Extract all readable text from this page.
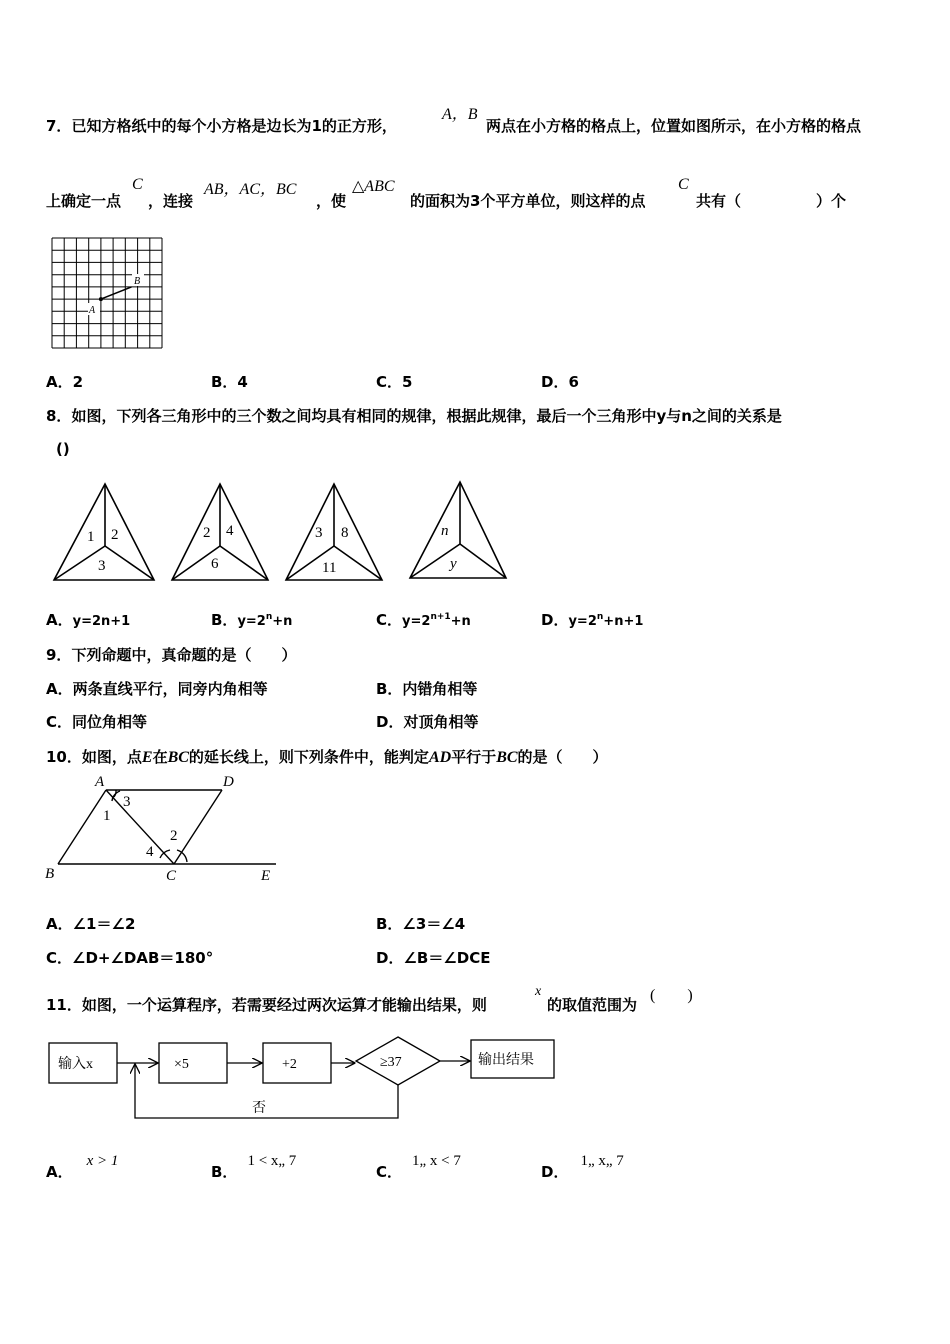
7．已知方格纸中的每个小方格是边长为1的正方形，
A，B
两点在小方格的格点上，位置如图所示，在小方格的格点
上确定一点
C
，连接
AB，AC，BC
，使
△ABC
的面积为3个平方单位，则这样的点
C
共有（　　　　　）个
A
B
A．2	B．4	C．5	D．6
8．如图，下列各三角形中的三个数之间均具有相同的规律，根据此规律，最后一个三角形中y与n之间的关系是
()
1 2
3
2 4
6
3 8
11
n
y
A．y=2n+1	B．$y=2^n+n$	C．$y=2^{n+1}+n$	D．$y=2^n+n+1$
9．下列命题中，真命题的是（　　）
A．两条直线平行，同旁内角相等	B．内错角相等
C．同位角相等	D．对顶角相等
10．如图，点E在BC的延长线上，则下列条件中，能判定AD平行于BC的是（　　）
A	D
B	C	E
1
3
2
4
A．∠1＝∠2	B．∠3＝∠4
C．∠D+∠DAB＝180°	D．∠B＝∠DCE
11．如图，一个运算程序，若需要经过两次运算才能输出结果，则
x
的取值范围为
(　　)
输入x	×5	+2	≥37	输出结果
否
A．x > 1
B．1 < x„ 7
C．1„ x < 7
D．1„ x„ 7
